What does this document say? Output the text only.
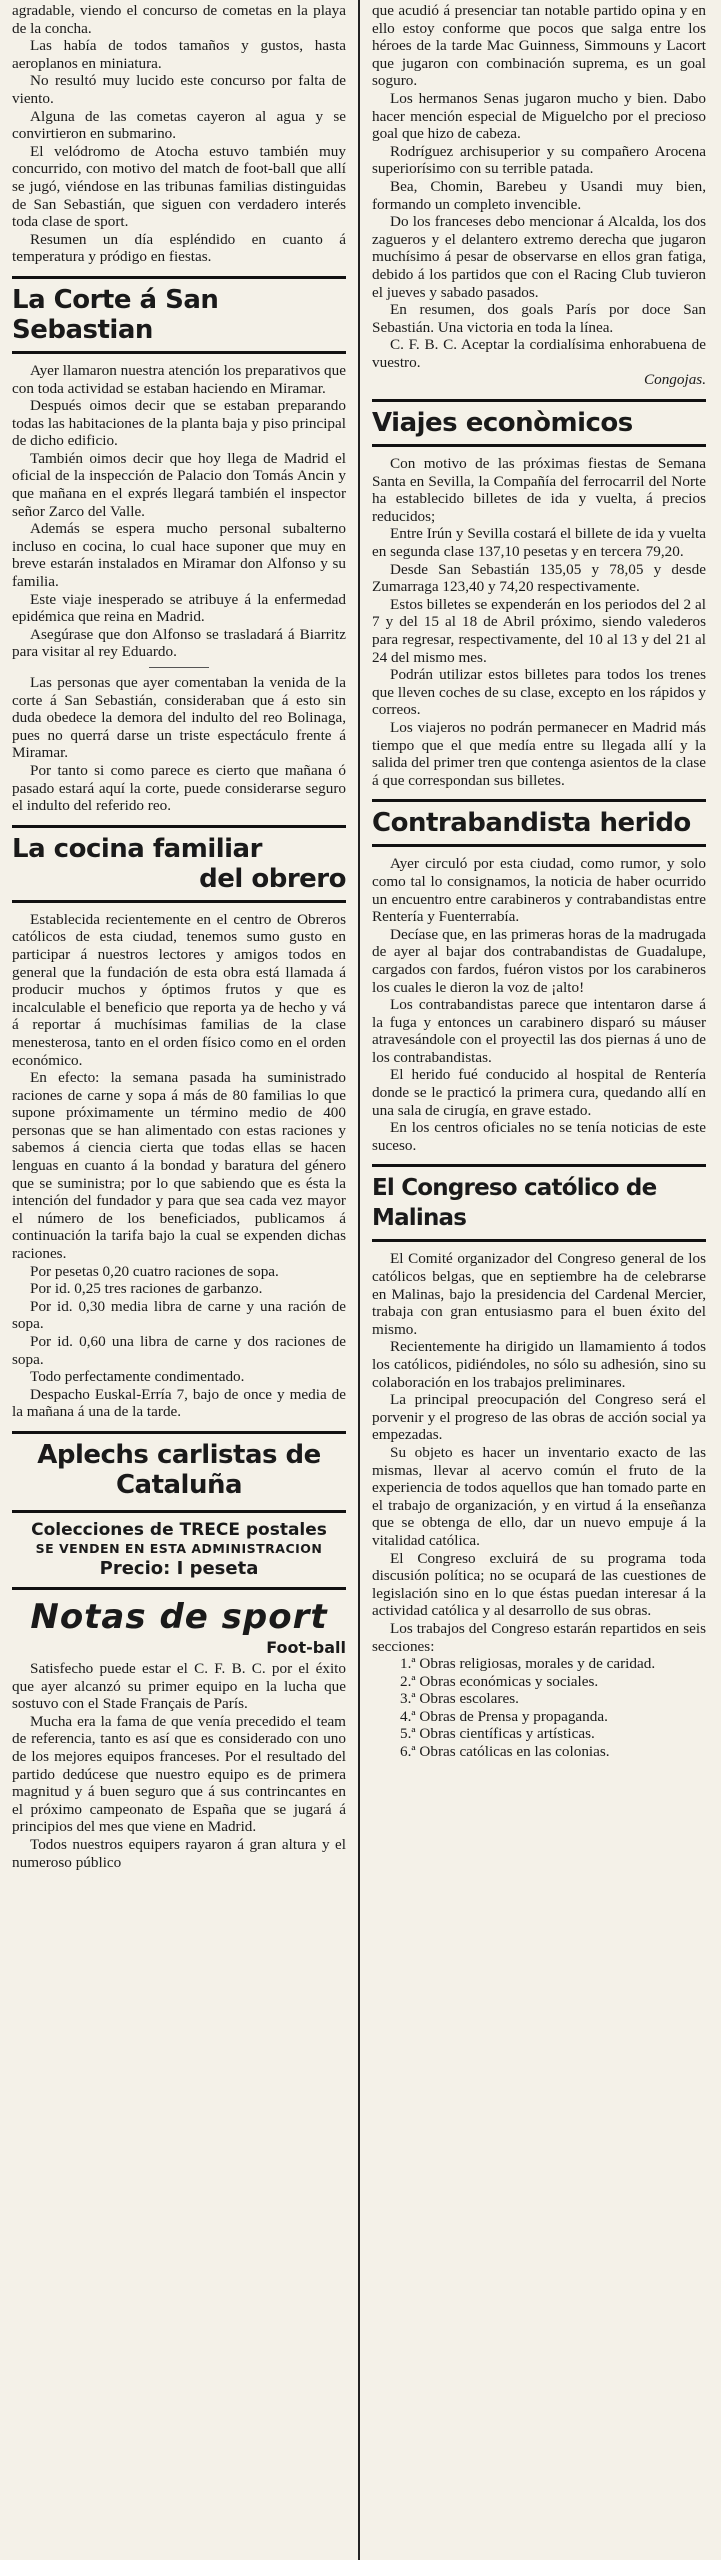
agradable, viendo el concurso de cometas en la playa de la concha.

Las había de todos tamaños y gustos, hasta aeroplanos en miniatura.

No resultó muy lucido este concurso por falta de viento.

Alguna de las cometas cayeron al agua y se convirtieron en submarino.

El velódromo de Atocha estuvo también muy concurrido, con motivo del match de foot-ball que allí se jugó, viéndose en las tribunas familias distinguidas de San Sebastián, que siguen con verdadero interés toda clase de sport.

Resumen un día espléndido en cuanto á temperatura y pródigo en fiestas.

La Corte á San Sebastian

Ayer llamaron nuestra atención los preparativos que con toda actividad se estaban haciendo en Miramar.

Después oimos decir que se estaban preparando todas las habitaciones de la planta baja y piso principal de dicho edificio.

También oimos decir que hoy llega de Madrid el oficial de la inspección de Palacio don Tomás Ancin y que mañana en el exprés llegará también el inspector señor Zarco del Valle.

Además se espera mucho personal subalterno incluso en cocina, lo cual hace suponer que muy en breve estarán instalados en Miramar don Alfonso y su familia.

Este viaje inesperado se atribuye á la enfermedad epidémica que reina en Madrid.

Asegúrase que don Alfonso se trasladará á Biarritz para visitar al rey Eduardo.

Las personas que ayer comentaban la venida de la corte á San Sebastián, consideraban que á esto sin duda obedece la demora del indulto del reo Bolinaga, pues no querrá darse un triste espectáculo frente á Miramar.

Por tanto si como parece es cierto que mañana ó pasado estará aquí la corte, puede considerarse seguro el indulto del referido reo.

La cocina familiar
del obrero

Establecida recientemente en el centro de Obreros católicos de esta ciudad, tenemos sumo gusto en participar á nuestros lectores y amigos todos en general que la fundación de esta obra está llamada á producir muchos y óptimos frutos y que es incalculable el beneficio que reporta ya de hecho y vá á reportar á muchísimas familias de la clase menesterosa, tanto en el orden físico como en el orden económico.

En efecto: la semana pasada ha suministrado raciones de carne y sopa á más de 80 familias lo que supone próximamente un término medio de 400 personas que se han alimentado con estas raciones y sabemos á ciencia cierta que todas ellas se hacen lenguas en cuanto á la bondad y baratura del género que se suministra; por lo que sabiendo que es ésta la intención del fundador y para que sea cada vez mayor el número de los beneficiados, publicamos á continuación la tarifa bajo la cual se expenden dichas raciones.

Por pesetas 0,20 cuatro raciones de sopa.

Por id. 0,25 tres raciones de garbanzo.

Por id. 0,30 media libra de carne y una ración de sopa.

Por id. 0,60 una libra de carne y dos raciones de sopa.

Todo perfectamente condimentado.

Despacho Euskal-Erría 7, bajo de once y media de la mañana á una de la tarde.

Aplechs carlistas de Cataluña
Colecciones de TRECE postales
SE VENDEN EN ESTA ADMINISTRACION
Precio: I peseta
Notas de sport
Foot-ball

Satisfecho puede estar el C. F. B. C. por el éxito que ayer alcanzó su primer equipo en la lucha que sostuvo con el Stade Français de París.

Mucha era la fama de que venía precedido el team de referencia, tanto es así que es considerado con uno de los mejores equipos franceses. Por el resultado del partido dedúcese que nuestro equipo es de primera magnitud y á buen seguro que á sus contrincantes en el próximo campeonato de España que se jugará á principios del mes que viene en Madrid.

Todos nuestros equipers rayaron á gran altura y el numeroso público

que acudió á presenciar tan notable partido opina y en ello estoy conforme que pocos que salga entre los héroes de la tarde Mac Guinness, Simmouns y Lacort que jugaron con combinación suprema, es un goal soguro.

Los hermanos Senas jugaron mucho y bien. Dabo hacer mención especial de Miguelcho por el precioso goal que hizo de cabeza.

Rodríguez archisuperior y su compañero Arocena superiorísimo con su terrible patada.

Bea, Chomin, Barebeu y Usandi muy bien, formando un completo invencible.

Do los franceses debo mencionar á Alcalda, los dos zagueros y el delantero extremo derecha que jugaron muchísimo á pesar de observarse en ellos gran fatiga, debido á los partidos que con el Racing Club tuvieron el jueves y sabado pasados.

En resumen, dos goals París por doce San Sebastián. Una victoria en toda la línea.

C. F. B. C. Aceptar la cordialísima enhorabuena de vuestro.

Congojas.

Viajes econòmicos

Con motivo de las próximas fiestas de Semana Santa en Sevilla, la Compañía del ferrocarril del Norte ha establecido billetes de ida y vuelta, á precios reducidos;

Entre Irún y Sevilla costará el billete de ida y vuelta en segunda clase 137,10 pesetas y en tercera 79,20.

Desde San Sebastián 135,05 y 78,05 y desde Zumarraga 123,40 y 74,20 respectivamente.

Estos billetes se expenderán en los periodos del 2 al 7 y del 15 al 18 de Abril próximo, siendo valederos para regresar, respectivamente, del 10 al 13 y del 21 al 24 del mismo mes.

Podrán utilizar estos billetes para todos los trenes que lleven coches de su clase, excepto en los rápidos y correos.

Los viajeros no podrán permanecer en Madrid más tiempo que el que medía entre su llegada allí y la salida del primer tren que contenga asientos de la clase á que correspondan sus billetes.

Contrabandista herido

Ayer circuló por esta ciudad, como rumor, y solo como tal lo consignamos, la noticia de haber ocurrido un encuentro entre carabineros y contrabandistas entre Rentería y Fuenterrabía.

Decíase que, en las primeras horas de la madrugada de ayer al bajar dos contrabandistas de Guadalupe, cargados con fardos, fuéron vistos por los carabineros los cuales le dieron la voz de ¡alto!

Los contrabandistas parece que intentaron darse á la fuga y entonces un carabinero disparó su máuser atravesándole con el proyectil las dos piernas á uno de los contrabandistas.

El herido fué conducido al hospital de Rentería donde se le practicó la primera cura, quedando allí en una sala de cirugía, en grave estado.

En los centros oficiales no se tenía noticias de este suceso.

El Congreso católico de Malinas

El Comité organizador del Congreso general de los católicos belgas, que en septiembre ha de celebrarse en Malinas, bajo la presidencia del Cardenal Mercier, trabaja con gran entusiasmo para el buen éxito del mismo.

Recientemente ha dirigido un llamamiento á todos los católicos, pidiéndoles, no sólo su adhesión, sino su colaboración en los trabajos preliminares.

La principal preocupación del Congreso será el porvenir y el progreso de las obras de acción social ya empezadas.

Su objeto es hacer un inventario exacto de las mismas, llevar al acervo común el fruto de la experiencia de todos aquellos que han tomado parte en el trabajo de organización, y en virtud á la enseñanza que se obtenga de ello, dar un nuevo empuje á la vitalidad católica.

El Congreso excluirá de su programa toda discusión política; no se ocupará de las cuestiones de legislación sino en lo que éstas puedan interesar á la actividad católica y al desarrollo de sus obras.

Los trabajos del Congreso estarán repartidos en seis secciones:

1.ª Obras religiosas, morales y de caridad.

2.ª Obras económicas y sociales.

3.ª Obras escolares.

4.ª Obras de Prensa y propaganda.

5.ª Obras científicas y artísticas.

6.ª Obras católicas en las colonias.
